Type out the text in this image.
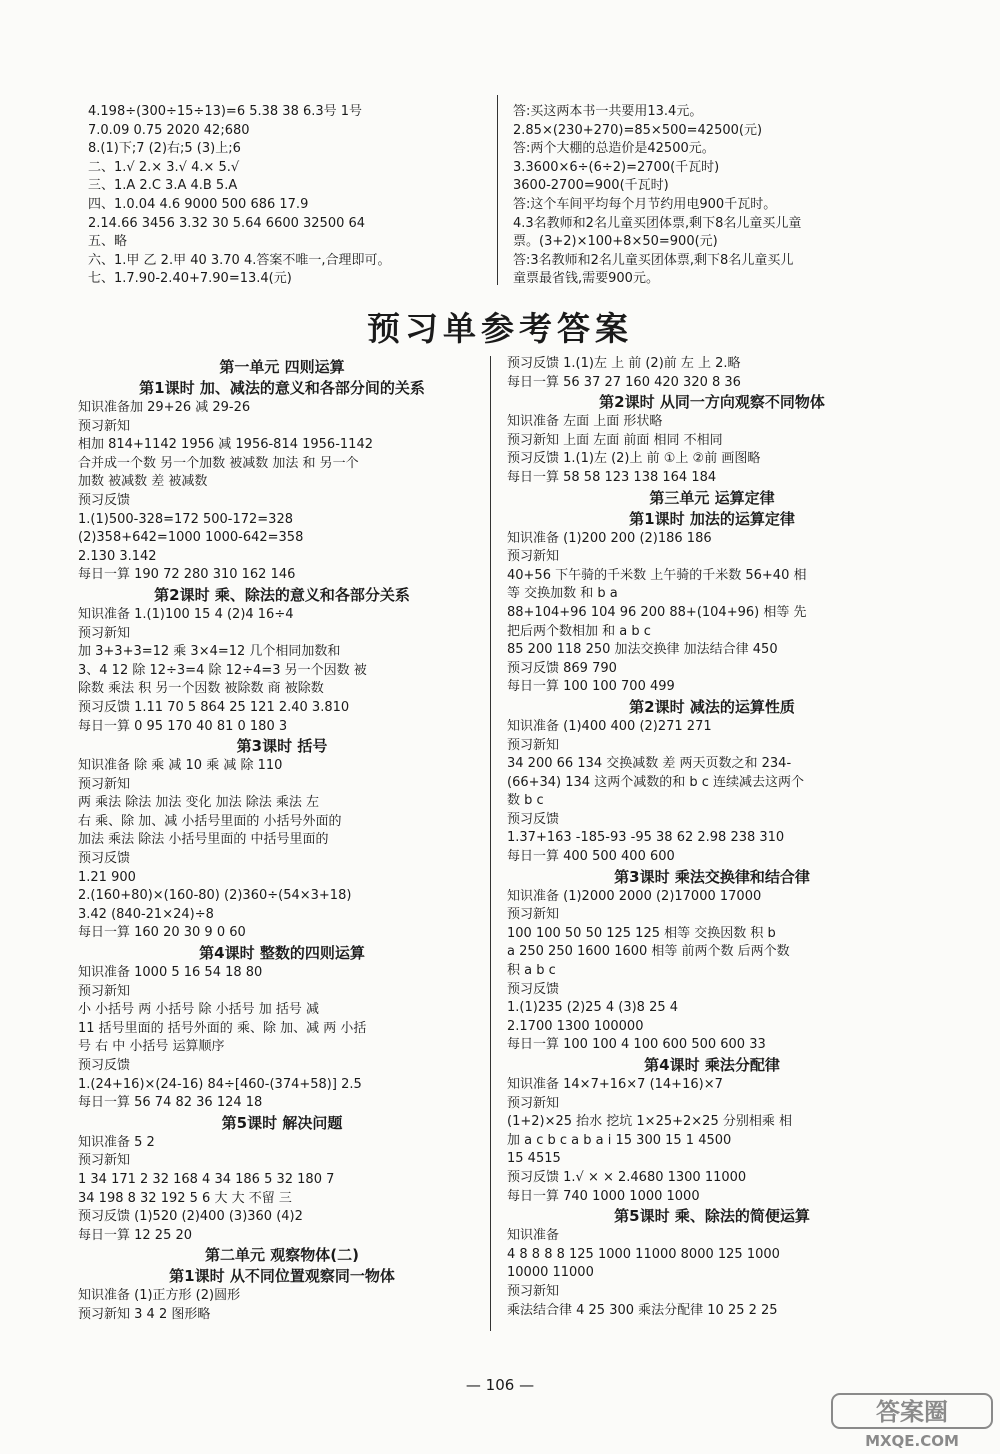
4.198÷(300÷15÷13)=6 5.38 38 6.3号 1号
7.0.09 0.75 2020 42;680
8.(1)下;7 (2)右;5 (3)上;6
二、1.√ 2.× 3.√ 4.× 5.√
三、1.A 2.C 3.A 4.B 5.A
四、1.0.04 4.6 9000 500 686 17.9
2.14.66 3456 3.32 30 5.64 6600 32500 64
五、略
六、1.甲 乙 2.甲 40 3.70 4.答案不唯一,合理即可。
七、1.7.90-2.40+7.90=13.4(元)
答:买这两本书一共要用13.4元。
2.85×(230+270)=85×500=42500(元)
答:两个大棚的总造价是42500元。
3.3600×6÷(6÷2)=2700(千瓦时)
3600-2700=900(千瓦时)
答:这个车间平均每个月节约用电900千瓦时。
4.3名教师和2名儿童买团体票,剩下8名儿童买儿童
票。(3+2)×100+8×50=900(元)
答:3名教师和2名儿童买团体票,剩下8名儿童买儿
童票最省钱,需要900元。
预习单参考答案
第一单元 四则运算
第1课时 加、减法的意义和各部分间的关系
知识准备加 29+26 减 29-26
预习新知
相加 814+1142 1956 减 1956-814 1956-1142
合并成一个数 另一个加数 被减数 加法 和 另一个
加数 被减数 差 被减数
预习反馈
1.(1)500-328=172 500-172=328
(2)358+642=1000 1000-642=358
2.130 3.142
每日一算 190 72 280 310 162 146
第2课时 乘、除法的意义和各部分关系
知识准备 1.(1)100 15 4 (2)4 16÷4
预习新知
加 3+3+3=12 乘 3×4=12 几个相同加数和
3、4 12 除 12÷3=4 除 12÷4=3 另一个因数 被
除数 乘法 积 另一个因数 被除数 商 被除数
预习反馈 1.11 70 5 864 25 121 2.40 3.810
每日一算 0 95 170 40 81 0 180 3
第3课时 括号
知识准备 除 乘 减 10 乘 减 除 110
预习新知
两 乘法 除法 加法 变化 加法 除法 乘法 左
右 乘、除 加、减 小括号里面的 小括号外面的
加法 乘法 除法 小括号里面的 中括号里面的
预习反馈
1.21 900
2.(160+80)×(160-80) (2)360÷(54×3+18)
3.42 (840-21×24)÷8
每日一算 160 20 30 9 0 60
第4课时 整数的四则运算
知识准备 1000 5 16 54 18 80
预习新知
小 小括号 两 小括号 除 小括号 加 括号 减
11 括号里面的 括号外面的 乘、除 加、减 两 小括
号 右 中 小括号 运算顺序
预习反馈
1.(24+16)×(24-16) 84÷[460-(374+58)] 2.5
每日一算 56 74 82 36 124 18
第5课时 解决问题
知识准备 5 2
预习新知
1 34 171 2 32 168 4 34 186 5 32 180 7
34 198 8 32 192 5 6 大 大 不留 三
预习反馈 (1)520 (2)400 (3)360 (4)2
每日一算 12 25 20
第二单元 观察物体(二)
第1课时 从不同位置观察同一物体
知识准备 (1)正方形 (2)圆形
预习新知 3 4 2 图形略
预习反馈 1.(1)左 上 前 (2)前 左 上 2.略
每日一算 56 37 27 160 420 320 8 36
第2课时 从同一方向观察不同物体
知识准备 左面 上面 形状略
预习新知 上面 左面 前面 相同 不相同
预习反馈 1.(1)左 (2)上 前 ①上 ②前 画图略
每日一算 58 58 123 138 164 184
第三单元 运算定律
第1课时 加法的运算定律
知识准备 (1)200 200 (2)186 186
预习新知
40+56 下午骑的千米数 上午骑的千米数 56+40 相
等 交换加数 和 b a
88+104+96 104 96 200 88+(104+96) 相等 先
把后两个数相加 和 a b c
85 200 118 250 加法交换律 加法结合律 450
预习反馈 869 790
每日一算 100 100 700 499
第2课时 减法的运算性质
知识准备 (1)400 400 (2)271 271
预习新知
34 200 66 134 交换减数 差 两天页数之和 234-
(66+34) 134 这两个减数的和 b c 连续减去这两个
数 b c
预习反馈
1.37+163 -185-93 -95 38 62 2.98 238 310
每日一算 400 500 400 600
第3课时 乘法交换律和结合律
知识准备 (1)2000 2000 (2)17000 17000
预习新知
100 100 50 50 125 125 相等 交换因数 积 b
a 250 250 1600 1600 相等 前两个数 后两个数
积 a b c
预习反馈
1.(1)235 (2)25 4 (3)8 25 4
2.1700 1300 100000
每日一算 100 100 4 100 600 500 600 33
第4课时 乘法分配律
知识准备 14×7+16×7 (14+16)×7
预习新知
(1+2)×25 抬水 挖坑 1×25+2×25 分别相乘 相
加 a c b c a b a i 15 300 15 1 4500
15 4515
预习反馈 1.√ × × 2.4680 1300 11000
每日一算 740 1000 1000 1000
第5课时 乘、除法的简便运算
知识准备
4 8 8 8 8 125 1000 11000 8000 125 1000
10000 11000
预习新知
乘法结合律 4 25 300 乘法分配律 10 25 2 25
— 106 —
答案圈
MXQE.COM
